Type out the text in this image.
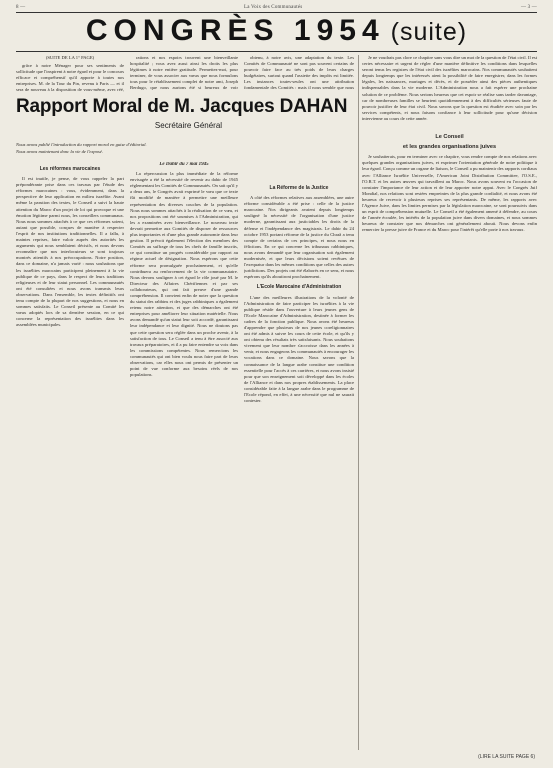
8 —	La Voix des Communautés	— 3 —
CONGRÈS 1954 (suite)

(SUITE DE LA 1° PAGE)

grâce à notre Ménager pour ses sentiments de sollicitude que l'inspirent à notre égard et pour le concours efficace et compréhensif qu'il apporte à toutes nos entreprises. M. de la Tour du Pin, revenu à Paris — et il sera de nouveau à la disposition de vous-même, avec réé,

rations et nos espoirs trouvent une bienveillante hospitalité ; vous avez aussi ainsi les droits les plus légitimes à notre entière gratitude. Permettez-moi, pour terminer, de vous associer aux vœux que nous formulons tous pour le rétablissement complet de notre ami, Joseph Berdugo, que nous aurions été si heureux de voir

obtenu, à notre avis, une adaptation du texte. Les Comités de Communauté ne sont pas souvent certains de pouvoir faire face au très poids de leurs charges budgétaires, surtout quand l'assiette des impôts est limitée. Les instances toutes-seules ont une attribution fondamentale des Comités : mais il nous semble que nous

Je ne voudrais pas clore ce chapitre sans vous dire un mot de la question de l'état civil. Il est certes nécessaire et urgent de régler d'une manière définitive les conditions dans lesquelles seront tenus les registres de l'état civil des israélites marocains. Nos communautés souhaitent depuis longtemps que les intéressés aient la possibilité de faire enregistrer, dans les formes légales, les naissances, mariages et décès, et de posséder ainsi des pièces authentiques indispensables dans la vie moderne. L'Administration nous a fait espérer une prochaine solution de ce problème. Nous serions heureux que cet espoir se réalise sans tarder davantage, car de nombreuses familles se heurtent quotidiennement à des difficultés sérieuses faute de pouvoir justifier de leur état civil. Nous savons que la question est étudiée avec soin par les services compétents, et nous faisons confiance à leur sollicitude pour qu'une décision intervienne au cours de cette année.

Le Conseil
et les grandes organisations juives

Je souhaiterais, pour en terminer avec ce chapitre, vous rendre compte de nos relations avec quelques grandes organisations juives, et exprimer l'orientation générale de notre politique à leur égard. Conçu comme un organe de liaison, le Conseil a pu maintenir des rapports cordiaux avec l'Alliance Israélite Universelle, l'American Joint Distribution Committee, l'O.S.E., l'O.R.T. et les autres œuvres qui travaillent au Maroc. Nous avons souvent eu l'occasion de constater l'importance de leur action et de leur apporter notre appui. Avec le Congrès Juif Mondial, nos relations sont restées empreintes de la plus grande cordialité, et nous avons été heureux de recevoir à plusieurs reprises ses représentants. De même, les rapports avec l'Agence Juive, dans les limites permises par la législation marocaine, se sont poursuivis dans un esprit de compréhension mutuelle. Le Conseil a été également amené à défendre, au cours de l'année écoulée, les intérêts de la population juive dans divers domaines, et nous sommes heureux de constater que nos démarches ont généralement abouti. Nous devons enfin remercier la presse juive de France et du Maroc pour l'intérêt qu'elle porte à nos travaux.

Rapport Moral de M. Jacques DAHAN
Secrétaire Général

Nous avons publié l'introduction du rapport moral en guise d'éditorial.

Nous avons maintenant donc la vie de l'exposé.

Les réformes marocaines

Il est inutile, je pense, de vous rappeler la part prépondérante prise dans ces travaux par l'étude des réformes marocaines : vous, évidemment, dans la perspective de leur application en milieu israélite. Avant même la parution des textes, le Conseil a suivi la haute attention du Maroc d'un projet de loi qui provoque et une émotion légitime parmi nous, les conseillers communaux. Nous nous sommes attachés à ce que ces réformes soient, autant que possible, conçues de manière à respecter l'esprit de nos institutions traditionnelles. Il a fallu, à maintes reprises, faire valoir auprès des autorités les arguments qui nous semblaient décisifs, et nous devons reconnaître que nos interlocuteurs se sont toujours montrés attentifs à nos préoccupations. Notre position, dans ce domaine, n'a jamais varié : nous souhaitons que les israélites marocains participent pleinement à la vie publique de ce pays, dans le respect de leurs traditions religieuses et de leur statut personnel. Les communautés ont été consultées et nous avons transmis leurs observations. Dans l'ensemble, les textes définitifs ont tenu compte de la plupart de nos suggestions, et nous en sommes satisfaits. Le Conseil présente au Comité les vœux adoptés lors de sa dernière session, en ce qui concerne la représentation des israélites dans les assemblées municipales.

Le Dahir du 7 mai 1945

La répercussion la plus immédiate de la réforme envisagée a été la nécessité de revenir au dahir de 1945 réglementant les Comités de Communautés. On sait qu'il y a deux ans, le Congrès avait exprimé le vœu que ce texte fût modifié de manière à permettre une meilleure représentation des diverses couches de la population. Nous nous sommes attachés à la réalisation de ce vœu, et nos propositions ont été soumises à l'Administration, qui les a examinées avec bienveillance. Le nouveau texte devrait permettre aux Comités de disposer de ressources plus importantes et d'une plus grande autonomie dans leur gestion. Il prévoit également l'élection des membres des Comités au suffrage de tous les chefs de famille inscrits, ce qui constitue un progrès considérable par rapport au régime actuel de désignation. Nous espérons que cette réforme sera promulguée prochainement, et qu'elle contribuera au renforcement de la vie communautaire. Nous devons souligner à cet égard le rôle joué par M. le Directeur des Affaires Chérifiennes et par ses collaborateurs, qui ont fait preuve d'une grande compréhension. Il convient enfin de noter que la question du statut des rabbins et des juges rabbiniques a également retenu notre attention, et que des démarches ont été entreprises pour améliorer leur situation matérielle. Nous avons demandé qu'un statut leur soit accordé, garantissant leur indépendance et leur dignité. Nous ne doutons pas que cette question sera réglée dans un proche avenir, à la satisfaction de tous. Le Conseil a tenu à être associé aux travaux préparatoires, et il a pu faire entendre sa voix dans les commissions compétentes. Nous remercions les communautés qui ont bien voulu nous faire part de leurs observations, car elles nous ont permis de présenter un point de vue conforme aux besoins réels de nos populations.

La Réforme de la Justice

A côté des réformes relatives aux assemblées, une autre réforme considérable a été prise : celle de la justice marocaine. Nos dirigeants avaient depuis longtemps souligné la nécessité de l'organisation d'une justice moderne, garantissant aux justiciables les droits de la défense et l'indépendance des magistrats. Le dahir du 24 octobre 1953 portant réforme de la justice du Chraâ a tenu compte de certains de ces principes, et nous nous en félicitons. En ce qui concerne les tribunaux rabbiniques, nous avons demandé que leur organisation soit également modernisée, et que leurs décisions soient revêtues de l'exequatur dans les mêmes conditions que celles des autres juridictions. Des projets ont été élaborés en ce sens, et nous espérons qu'ils aboutiront prochainement.

L'Ecole Marocaine d'Administration

L'une des meilleures illustrations de la volonté de l'Administration de faire participer les israélites à la vie publique réside dans l'ouverture à leurs jeunes gens de l'Ecole Marocaine d'Administration, destinée à former les cadres de la fonction publique. Nous avons été heureux d'apprendre que plusieurs de nos jeunes coreligionnaires ont été admis à suivre les cours de cette école, et qu'ils y ont obtenu des résultats très satisfaisants. Nous souhaitons vivement que leur nombre s'accroisse dans les années à venir, et nous engageons les communautés à encourager les vocations dans ce domaine. Nous savons que la connaissance de la langue arabe constitue une condition essentielle pour l'accès à ces carrières, et nous avons insisté pour que son enseignement soit développé dans les écoles de l'Alliance et dans nos propres établissements. La place considérable faite à la langue arabe dans le programme de l'Ecole répond, en effet, à une nécessité que nul ne saurait contester.

(LIRE LA SUITE PAGE 6)
